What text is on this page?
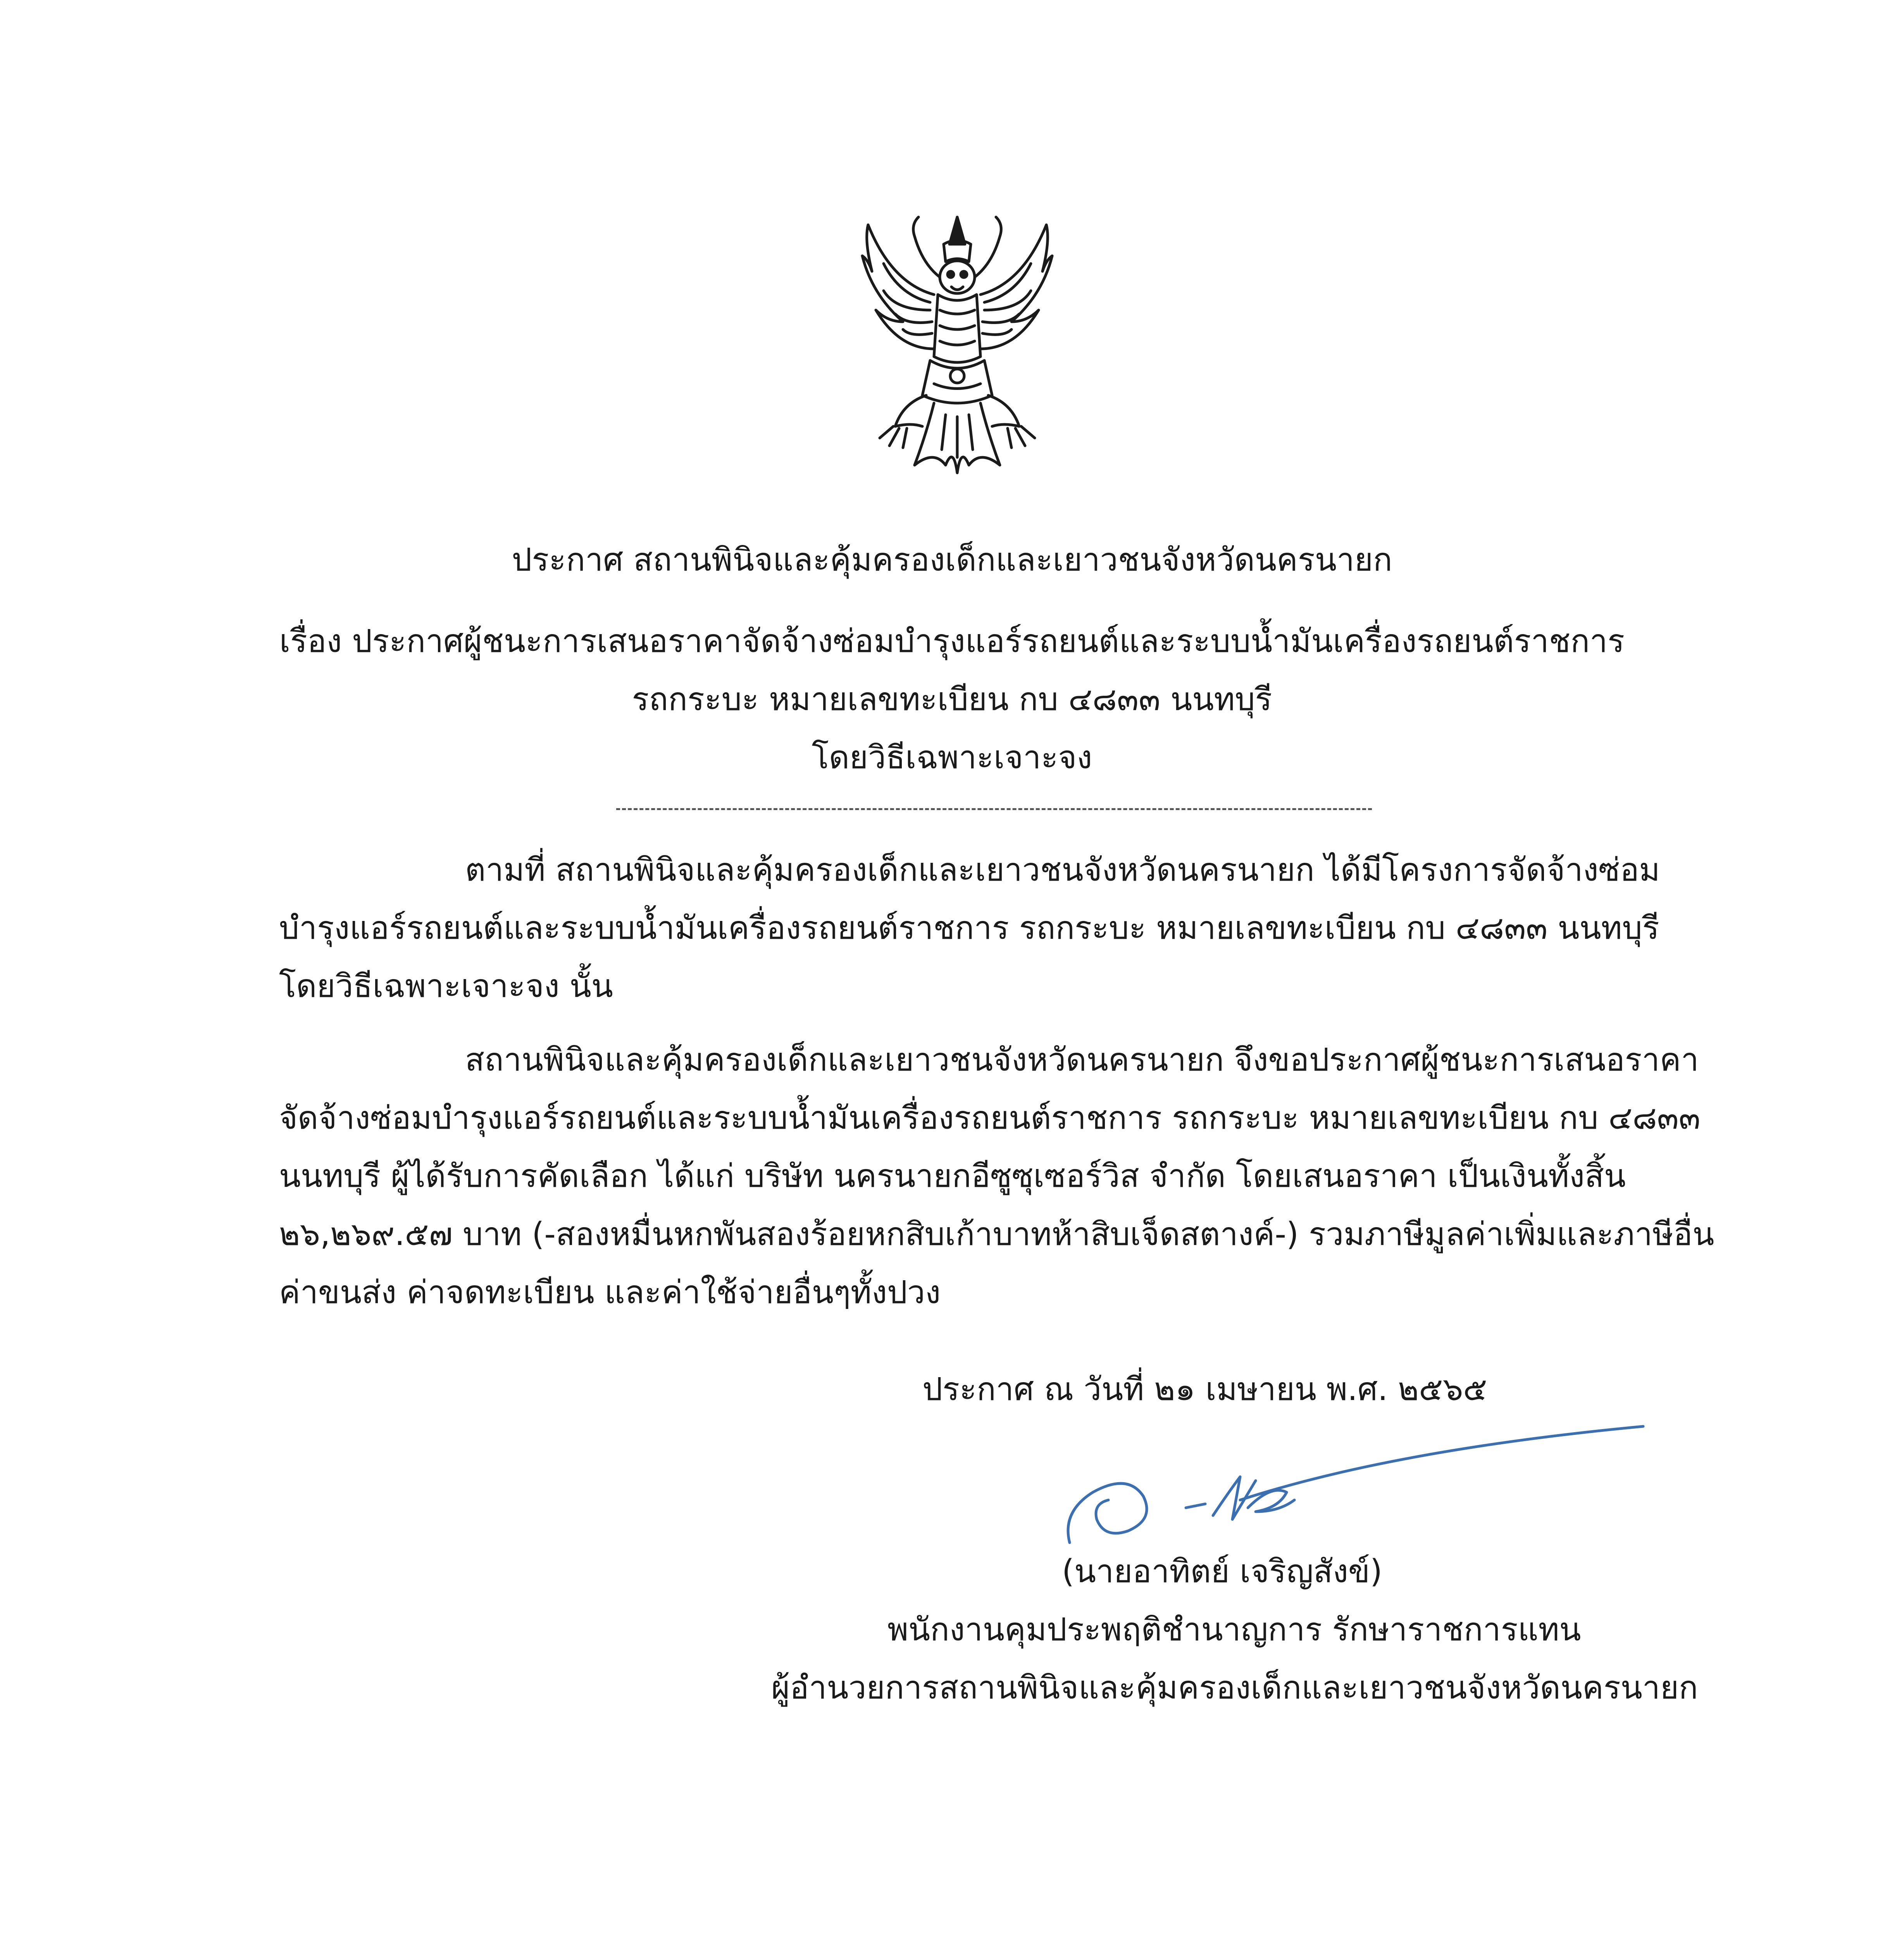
ประกาศ สถานพินิจและคุ้มครองเด็กและเยาวชนจังหวัดนครนายก
เรื่อง ประกาศผู้ชนะการเสนอราคาจัดจ้างซ่อมบำรุงแอร์รถยนต์และระบบน้ำมันเครื่องรถยนต์ราชการ
รถกระบะ หมายเลขทะเบียน กบ ๔๘๓๓ นนทบุรี
โดยวิธีเฉพาะเจาะจง
ตามที่ สถานพินิจและคุ้มครองเด็กและเยาวชนจังหวัดนครนายก ได้มีโครงการจัดจ้างซ่อม
บำรุงแอร์รถยนต์และระบบน้ำมันเครื่องรถยนต์ราชการ รถกระบะ หมายเลขทะเบียน กบ ๔๘๓๓ นนทบุรี
โดยวิธีเฉพาะเจาะจง นั้น
สถานพินิจและคุ้มครองเด็กและเยาวชนจังหวัดนครนายก จึงขอประกาศผู้ชนะการเสนอราคา
จัดจ้างซ่อมบำรุงแอร์รถยนต์และระบบน้ำมันเครื่องรถยนต์ราชการ รถกระบะ หมายเลขทะเบียน กบ ๔๘๓๓
นนทบุรี ผู้ได้รับการคัดเลือก ได้แก่ บริษัท นครนายกอีซูซุเซอร์วิส จำกัด โดยเสนอราคา เป็นเงินทั้งสิ้น
๒๖,๒๖๙.๕๗ บาท (-สองหมื่นหกพันสองร้อยหกสิบเก้าบาทห้าสิบเจ็ดสตางค์-) รวมภาษีมูลค่าเพิ่มและภาษีอื่น
ค่าขนส่ง ค่าจดทะเบียน และค่าใช้จ่ายอื่นๆทั้งปวง
ประกาศ ณ วันที่ ๒๑ เมษายน พ.ศ. ๒๕๖๕
(นายอาทิตย์ เจริญสังข์)
พนักงานคุมประพฤติชำนาญการ รักษาราชการแทน
ผู้อำนวยการสถานพินิจและคุ้มครองเด็กและเยาวชนจังหวัดนครนายก
